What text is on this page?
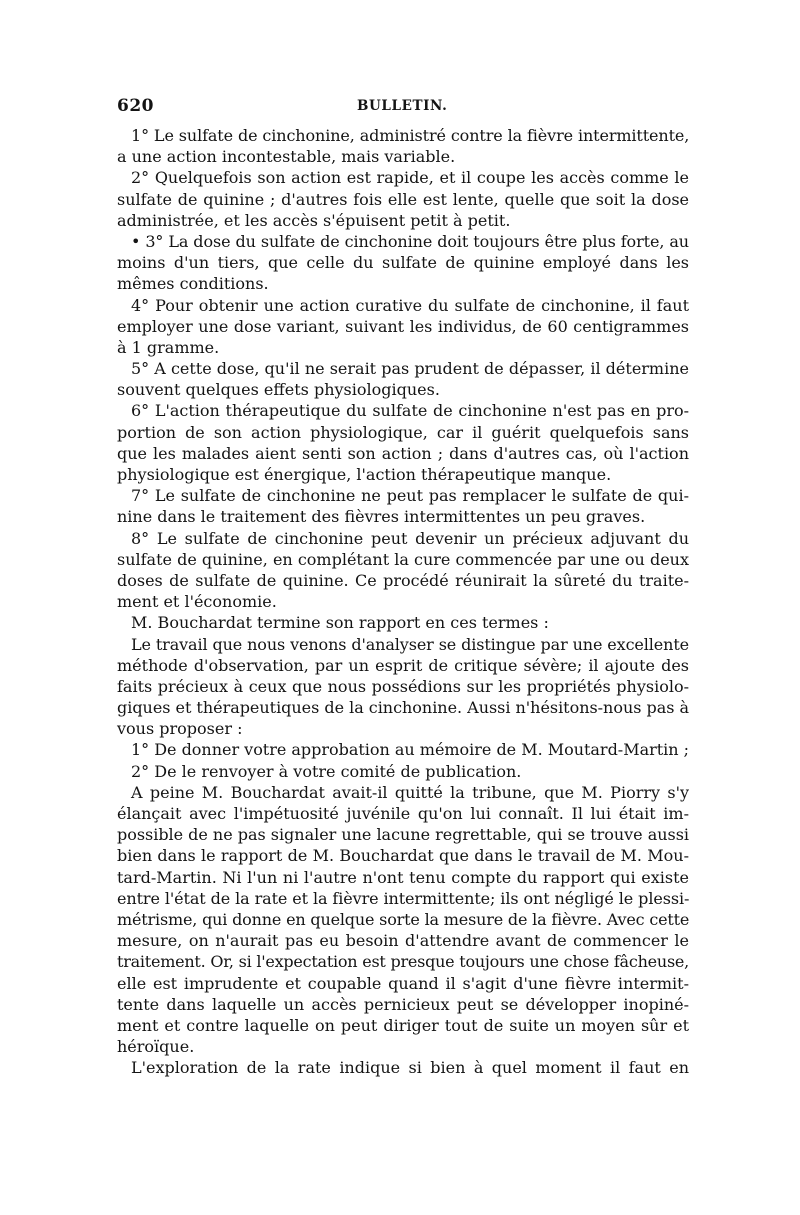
620	BULLETIN.
1° Le sulfate de cinchonine, administré contre la fièvre intermittente,
a une action incontestable, mais variable.
2° Quelquefois son action est rapide, et il coupe les accès comme le
sulfate de quinine ; d'autres fois elle est lente, quelle que soit la dose
administrée, et les accès s'épuisent petit à petit.
• 3° La dose du sulfate de cinchonine doit toujours être plus forte, au
moins d'un tiers, que celle du sulfate de quinine employé dans les
mêmes conditions.
4° Pour obtenir une action curative du sulfate de cinchonine, il faut
employer une dose variant, suivant les individus, de 60 centigrammes
à 1 gramme.
5° A cette dose, qu'il ne serait pas prudent de dépasser, il détermine
souvent quelques effets physiologiques.
6° L'action thérapeutique du sulfate de cinchonine n'est pas en pro-
portion de son action physiologique, car il guérit quelquefois sans
que les malades aient senti son action ; dans d'autres cas, où l'action
physiologique est énergique, l'action thérapeutique manque.
7° Le sulfate de cinchonine ne peut pas remplacer le sulfate de qui-
nine dans le traitement des fièvres intermittentes un peu graves.
8° Le sulfate de cinchonine peut devenir un précieux adjuvant du
sulfate de quinine, en complétant la cure commencée par une ou deux
doses de sulfate de quinine. Ce procédé réunirait la sûreté du traite-
ment et l'économie.
M. Bouchardat termine son rapport en ces termes :
Le travail que nous venons d'analyser se distingue par une excellente
méthode d'observation, par un esprit de critique sévère; il ajoute des
faits précieux à ceux que nous possédions sur les propriétés physiolo-
giques et thérapeutiques de la cinchonine. Aussi n'hésitons-nous pas à
vous proposer :
1° De donner votre approbation au mémoire de M. Moutard-Martin ;
2° De le renvoyer à votre comité de publication.
A peine M. Bouchardat avait-il quitté la tribune, que M. Piorry s'y
élançait avec l'impétuosité juvénile qu'on lui connaît. Il lui était im-
possible de ne pas signaler une lacune regrettable, qui se trouve aussi
bien dans le rapport de M. Bouchardat que dans le travail de M. Mou-
tard-Martin. Ni l'un ni l'autre n'ont tenu compte du rapport qui existe
entre l'état de la rate et la fièvre intermittente; ils ont négligé le plessi-
métrisme, qui donne en quelque sorte la mesure de la fièvre. Avec cette
mesure, on n'aurait pas eu besoin d'attendre avant de commencer le
traitement. Or, si l'expectation est presque toujours une chose fâcheuse,
elle est imprudente et coupable quand il s'agit d'une fièvre intermit-
tente dans laquelle un accès pernicieux peut se développer inopiné-
ment et contre laquelle on peut diriger tout de suite un moyen sûr et
héroïque.
L'exploration de la rate indique si bien à quel moment il faut en
